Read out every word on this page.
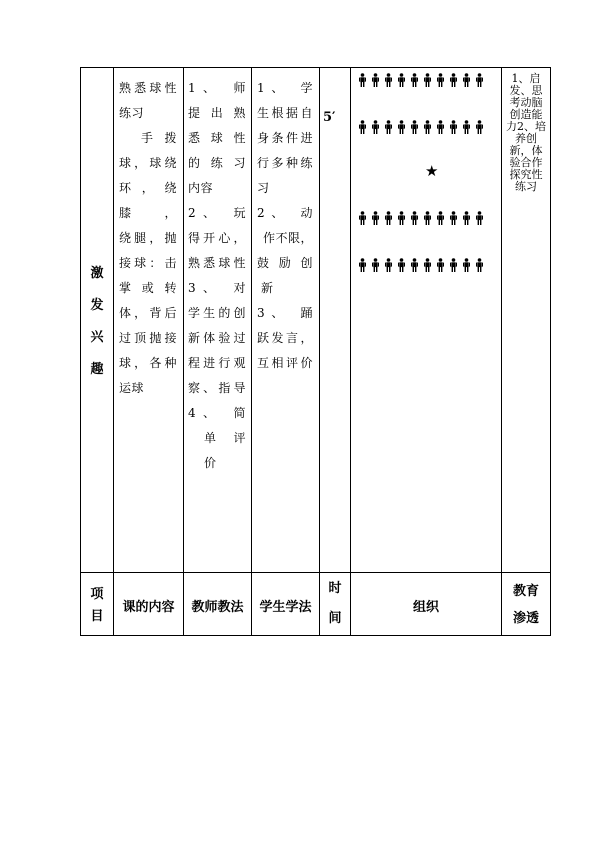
激
发
兴
趣
熟悉球性
练习
手 拨
球，球绕
环，绕膝，
绕腿，抛
接球：击
掌 或 转
体，背后
过顶抛接
球，各种
运球
1、 师
提 出 熟
悉 球 性
的 练 习
内容
2、 玩
得开心，
熟悉球性
3、 对
学生的创
新体验过
程进行观
察、指导
4、 简
单 评
价
1、 学
生根据自
身条件进
行多种练
习
2、 动
作不限，
鼓 励 创
新
3、 踊
跃发言，
互相评价
5′
★
1、启发、思考动脑创造能力2、培养创新，体验合作探究性练习
项
目
课的内容	教师教法	学生学法
时
间
组织
教育
渗透
